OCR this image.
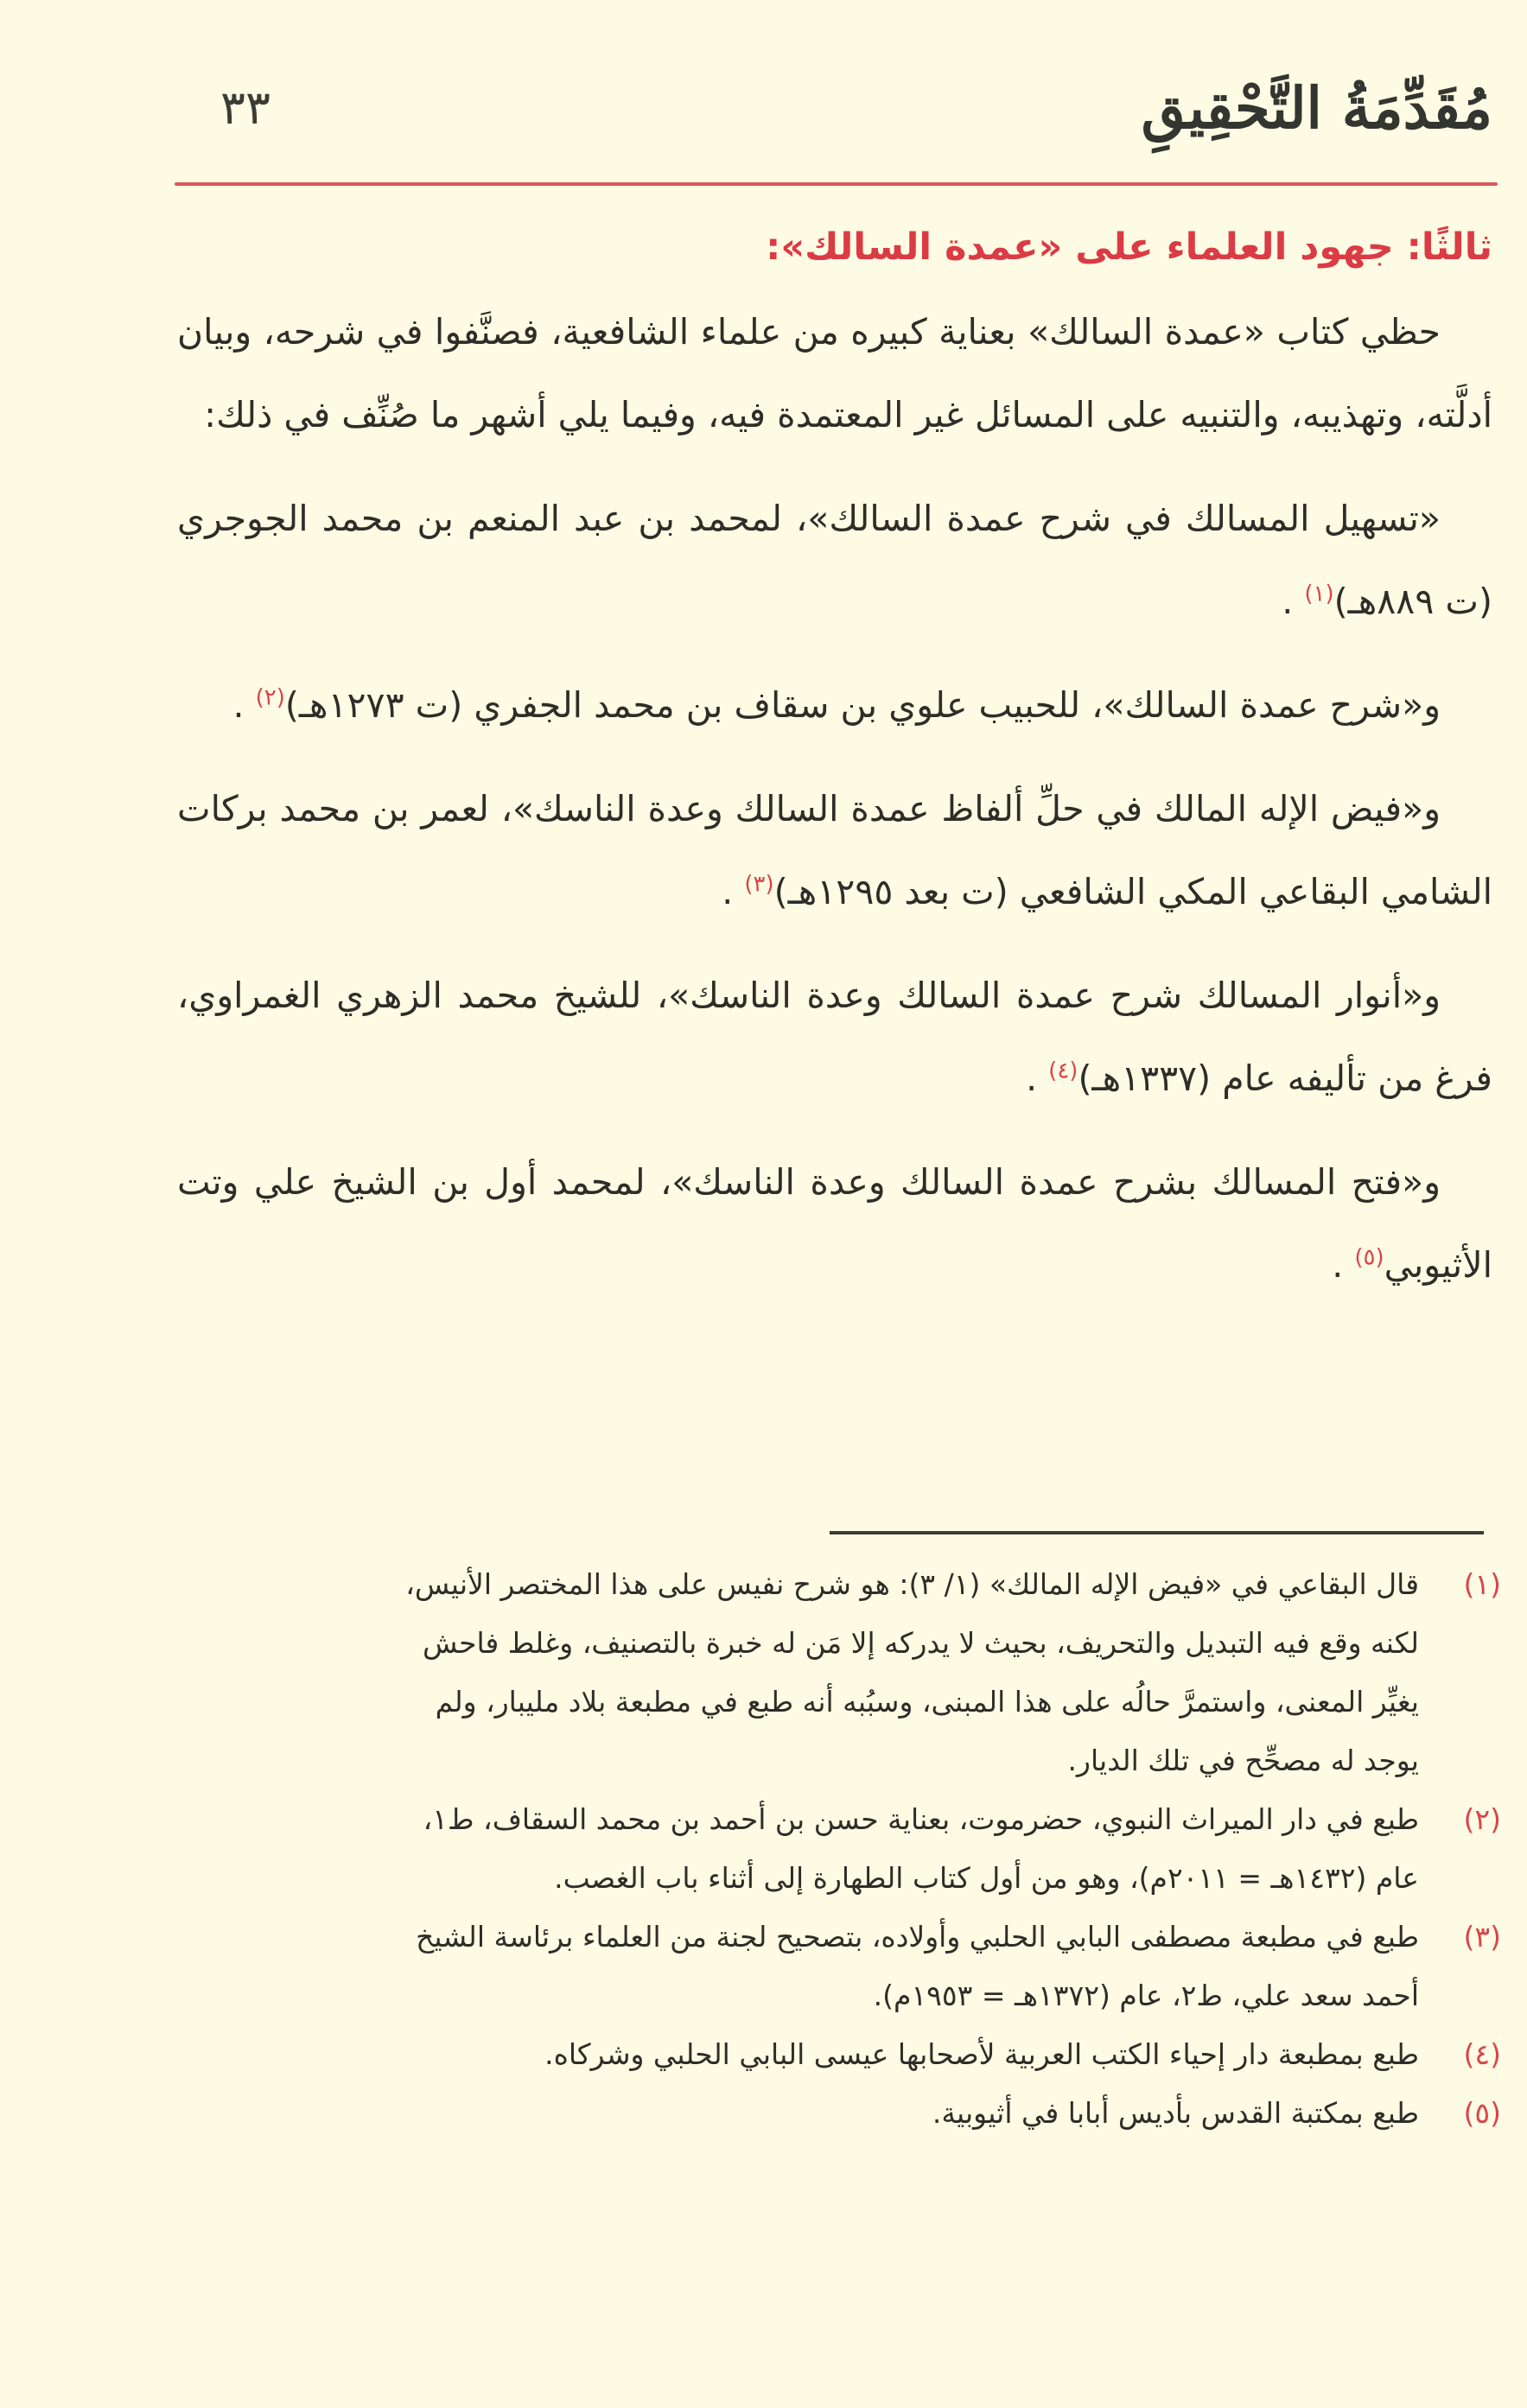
مُقَدِّمَةُ التَّحْقِيقِ
٣٣
ثالثًا: جهود العلماء على «عمدة السالك»:

حظي كتاب «عمدة السالك» بعناية كبيره من علماء الشافعية، فصنَّفوا في شرحه، وبيان أدلَّته، وتهذيبه، والتنبيه على المسائل غير المعتمدة فيه، وفيما يلي أشهر ما صُنِّف في ذلك:

«تسهيل المسالك في شرح عمدة السالك»، لمحمد بن عبد المنعم بن محمد الجوجري (ت ٨٨٩هـ)$^{(١)}$ .

و«شرح عمدة السالك»، للحبيب علوي بن سقاف بن محمد الجفري (ت ١٢٧٣هـ)$^{(٢)}$ .

و«فيض الإله المالك في حلِّ ألفاظ عمدة السالك وعدة الناسك»، لعمر بن محمد بركات الشامي البقاعي المكي الشافعي (ت بعد ١٢٩٥هـ)$^{(٣)}$ .

و«أنوار المسالك شرح عمدة السالك وعدة الناسك»، للشيخ محمد الزهري الغمراوي، فرغ من تأليفه عام (١٣٣٧هـ)$^{(٤)}$ .

و«فتح المسالك بشرح عمدة السالك وعدة الناسك»، لمحمد أول بن الشيخ علي وتت الأثيوبي$^{(٥)}$ .

(١)
قال البقاعي في «فيض الإله المالك» (١/ ٣): هو شرح نفيس على هذا المختصر الأنيس،
لكنه وقع فيه التبديل والتحريف، بحيث لا يدركه إلا مَن له خبرة بالتصنيف، وغلط فاحش
يغيِّر المعنى، واستمرَّ حالُه على هذا المبنى، وسبُبه أنه طبع في مطبعة بلاد مليبار، ولم
يوجد له مصحِّح في تلك الديار.
(٢)
طبع في دار الميراث النبوي، حضرموت، بعناية حسن بن أحمد بن محمد السقاف، ط١،
عام (١٤٣٢هـ = ٢٠١١م)، وهو من أول كتاب الطهارة إلى أثناء باب الغصب.
(٣)
طبع في مطبعة مصطفى البابي الحلبي وأولاده، بتصحيح لجنة من العلماء برئاسة الشيخ
أحمد سعد علي، ط٢، عام (١٣٧٢هـ = ١٩٥٣م).
(٤)
طبع بمطبعة دار إحياء الكتب العربية لأصحابها عيسى البابي الحلبي وشركاه.
(٥)
طبع بمكتبة القدس بأديس أبابا في أثيوبية.
